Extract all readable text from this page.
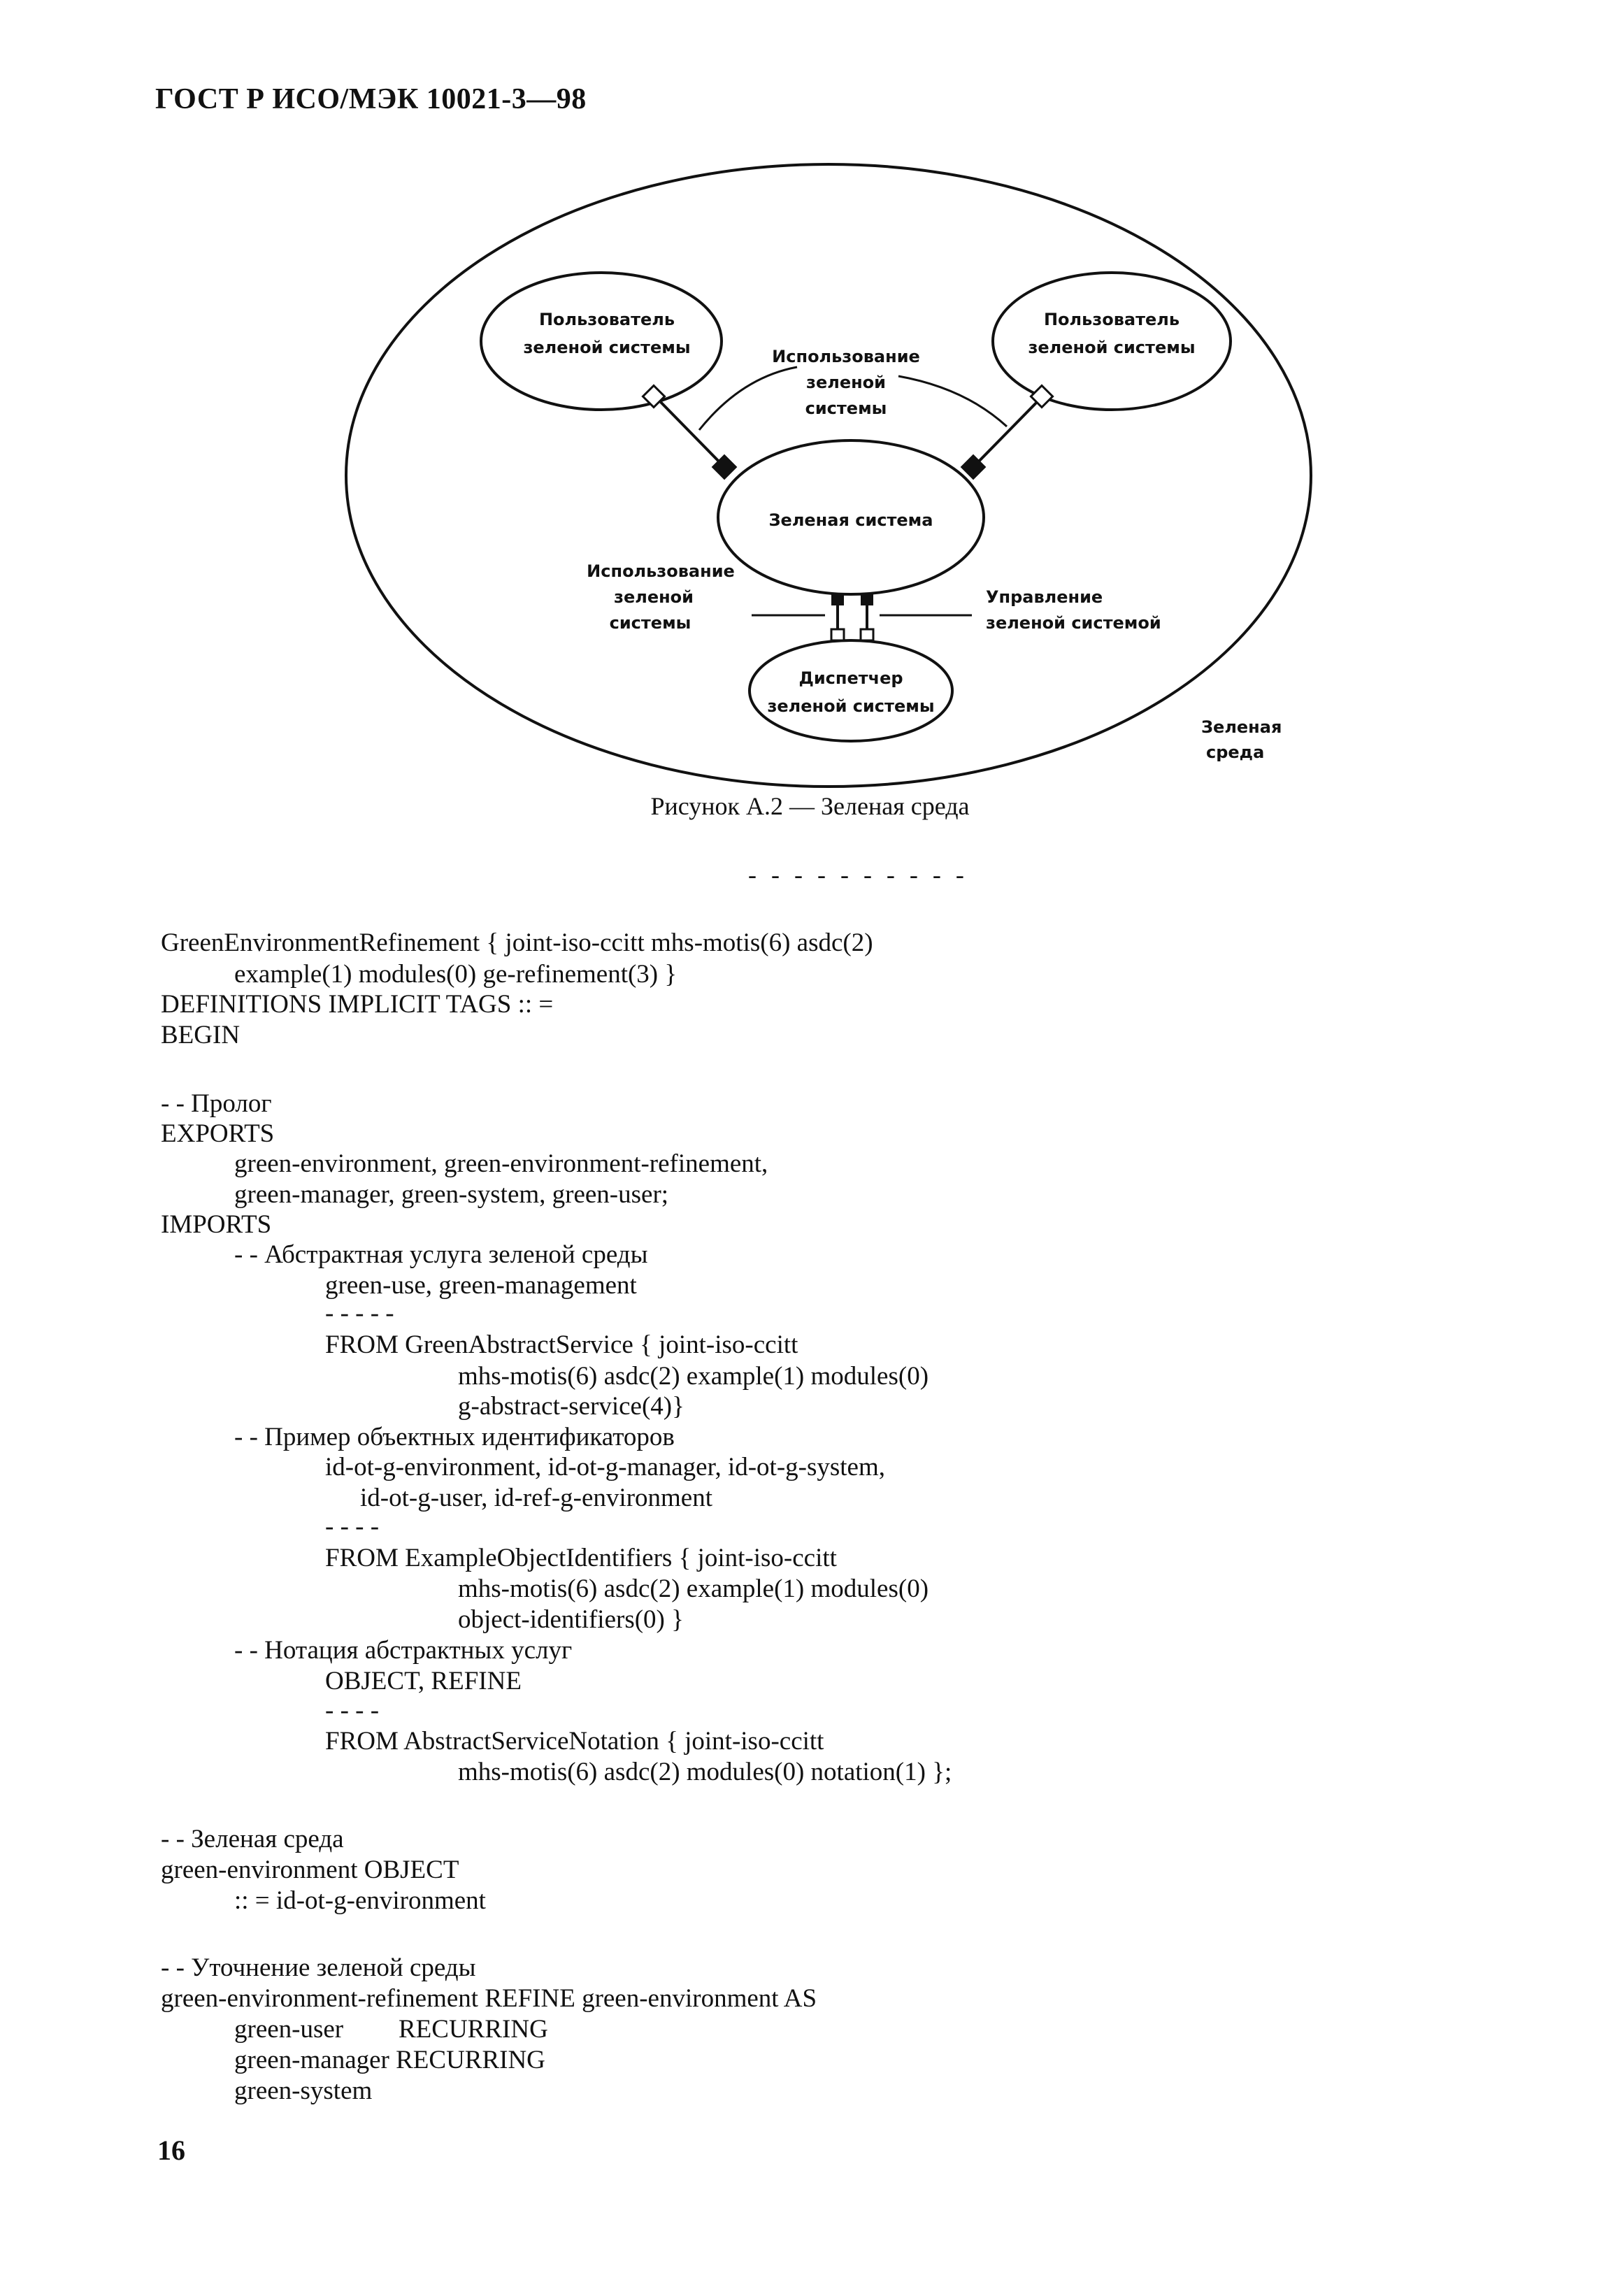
ГОСТ Р ИСО/МЭК 10021-3—98
Пользователь
зеленой системы
Пользователь
зеленой системы
Зеленая система
Диспетчер
зеленой системы
Использование
зеленой
системы
Использование
зеленой
системы
Управление
зеленой системой
Зеленая
среда
Рисунок А.2 — Зеленая среда
- - - - - - - - - -
GreenEnvironmentRefinement { joint-iso-ccitt mhs-motis(6) asdc(2)
example(1) modules(0) ge-refinement(3) }
DEFINITIONS IMPLICIT TAGS :: =
BEGIN
- - Пролог
EXPORTS
green-environment, green-environment-refinement,
green-manager, green-system, green-user;
IMPORTS
- - Абстрактная услуга зеленой среды
green-use, green-management
- - - - -
FROM GreenAbstractService { joint-iso-ccitt
mhs-motis(6) asdc(2) example(1) modules(0)
g-abstract-service(4)}
- - Пример объектных идентификаторов
id-ot-g-environment, id-ot-g-manager, id-ot-g-system,
id-ot-g-user, id-ref-g-environment
- - - -
FROM ExampleObjectIdentifiers { joint-iso-ccitt
mhs-motis(6) asdc(2) example(1) modules(0)
object-identifiers(0) }
- - Нотация абстрактных услуг
OBJECT, REFINE
- - - -
FROM AbstractServiceNotation { joint-iso-ccitt
mhs-motis(6) asdc(2) modules(0) notation(1) };
- - Зеленая среда
green-environment OBJECT
:: = id-ot-g-environment
- - Уточнение зеленой среды
green-environment-refinement REFINE green-environment AS
green-user RECURRING
green-manager RECURRING
green-system
16
